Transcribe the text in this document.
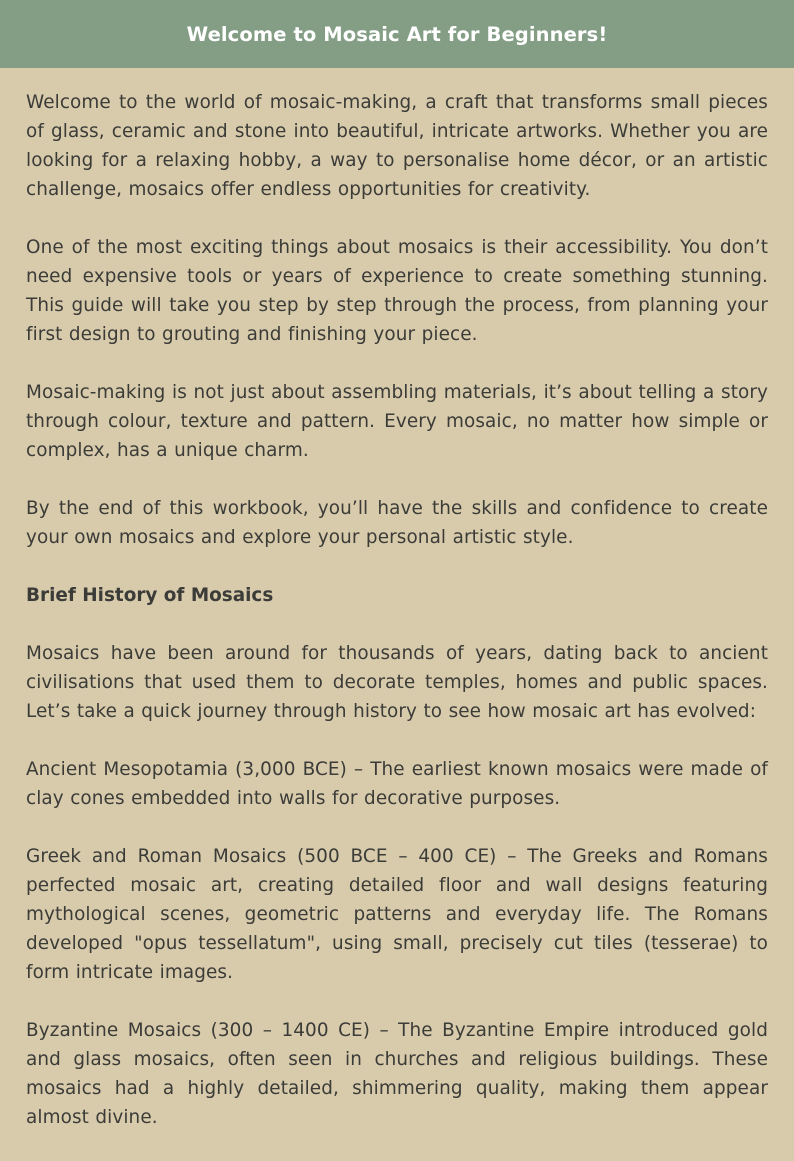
Welcome to Mosaic Art for Beginners!

Welcome to the world of mosaic-making, a craft that transforms small pieces of glass, ceramic and stone into beautiful, intricate artworks. Whether you are looking for a relaxing hobby, a way to personalise home décor, or an artistic challenge, mosaics offer endless opportunities for creativity.

One of the most exciting things about mosaics is their accessibility. You don’t need expensive tools or years of experience to create something stunning. This guide will take you step by step through the process, from planning your first design to grouting and finishing your piece.

Mosaic-making is not just about assembling materials, it’s about telling a story through colour, texture and pattern. Every mosaic, no matter how simple or complex, has a unique charm.

By the end of this workbook, you’ll have the skills and confidence to create your own mosaics and explore your personal artistic style.

Brief History of Mosaics

Mosaics have been around for thousands of years, dating back to ancient civilisations that used them to decorate temples, homes and public spaces. Let’s take a quick journey through history to see how mosaic art has evolved:

Ancient Mesopotamia (3,000 BCE) – The earliest known mosaics were made of clay cones embedded into walls for decorative purposes.

Greek and Roman Mosaics (500 BCE – 400 CE) – The Greeks and Romans perfected mosaic art, creating detailed floor and wall designs featuring mythological scenes, geometric patterns and everyday life. The Romans developed "opus tessellatum", using small, precisely cut tiles (tesserae) to form intricate images.

Byzantine Mosaics (300 – 1400 CE) – The Byzantine Empire introduced gold and glass mosaics, often seen in churches and religious buildings. These mosaics had a highly detailed, shimmering quality, making them appear almost divine.
